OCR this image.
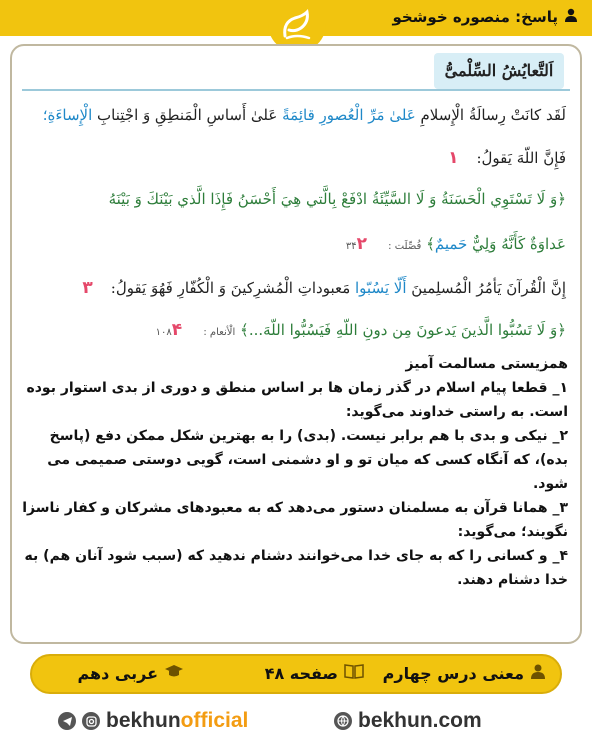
پاسخ: منصوره خوشخو
اَلتَّعایُشُ السِّلْمیُّ
لَقَد كانَتْ رِسالَةُ الْإِسلامِ عَلىٰ مَرِّ الْعُصورِ قائِمَةً عَلىٰ أَساسِ الْمَنطِقِ وَ اجْتِنابِ الْإِساءَةِ؛
فَإِنَّ اللّهَ يَقولُ:۱
﴿وَ لَا تَسْتَوِي الْحَسَنَةُ وَ لَا السَّيِّئَةُ ادْفَعْ بِالَّتي هِيَ أَحْسَنُ فَإِذَا الَّذي بَيْنَكَ وَ بَيْنَهُ
عَداوَةٌ كَأَنَّهُ وَلِيٌّ حَميمٌ﴾ فُصِّلَت : ۳۴۲
إِنَّ الْقُرآنَ يَأمُرُ الْمُسلِمينَ أَلّا يَسُبّوا مَعبوداتِ الْمُشرِكينَ وَ الْكُفّارِ فَهُوَ يَقولُ:۳
﴿وَ لَا تَسُبُّوا الَّذينَ يَدعونَ مِن دونِ اللّهِ فَيَسُبُّوا اللّهَ...﴾ الْأنعام : ۱۰۸۴
همزیستی مسالمت آمیز
۱_ قطعا پیام اسلام در گذر زمان ها بر اساس منطق و دوری از بدی استوار بوده است. به راستی خداوند می‌گوید:
۲_ نیکی و بدی با هم برابر نیست. (بدی) را به بهترین شکل ممکن دفع (پاسخ بده)، که آنگاه کسی که میان تو و او دشمنی است، گویی دوستی صمیمی می شود.
۳_ همانا قرآن به مسلمنان دستور می‌دهد که به معبودهای مشرکان و کفار ناسزا نگویند؛ می‌گوید:
۴_ و کسانی را که به جای خدا می‌خوانند دشنام ندهید که (سبب شود آنان هم) به خدا دشنام دهند.
معنی درس چهارم
صفحه ۴۸
عربی دهم
bekhun official	bekhun.com
